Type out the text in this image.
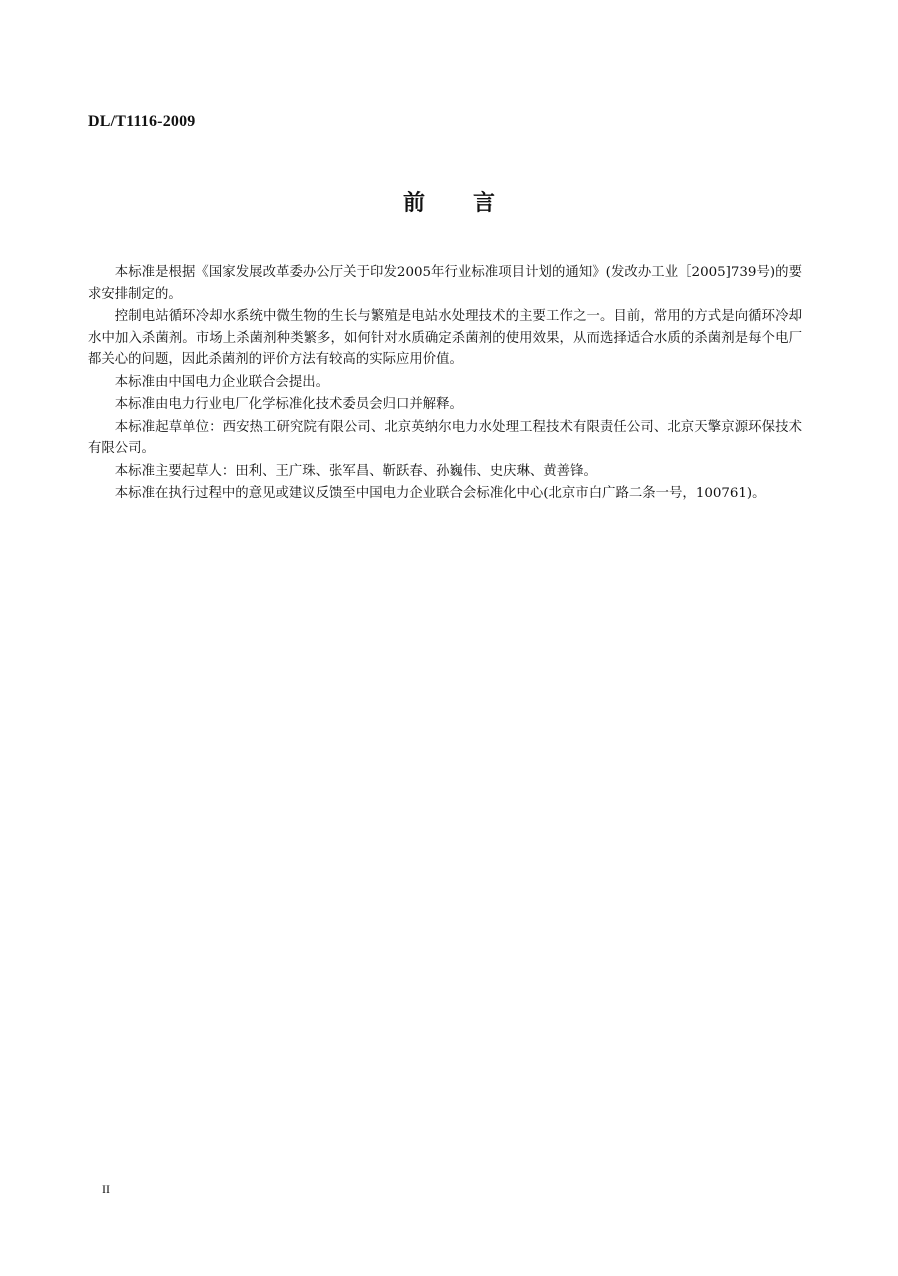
DL/T1116-2009

前言

本标准是根据《国家发展改革委办公厅关于印发2005年行业标准项目计划的通知》(发改办工业［2005]739号)的要求安排制定的。

控制电站循环冷却水系统中微生物的生长与繁殖是电站水处理技术的主要工作之一。目前，常用的方式是向循环冷却水中加入杀菌剂。市场上杀菌剂种类繁多，如何针对水质确定杀菌剂的使用效果，从而选择适合水质的杀菌剂是每个电厂都关心的问题，因此杀菌剂的评价方法有较高的实际应用价值。

本标准由中国电力企业联合会提出。

本标准由电力行业电厂化学标准化技术委员会归口并解释。

本标准起草单位：西安热工研究院有限公司、北京英纳尔电力水处理工程技术有限责任公司、北京天擎京源环保技术有限公司。

本标准主要起草人：田利、王广珠、张军昌、靳跃春、孙巍伟、史庆琳、黄善锋。

本标准在执行过程中的意见或建议反馈至中国电力企业联合会标准化中心(北京市白广路二条一号，100761)。

II
